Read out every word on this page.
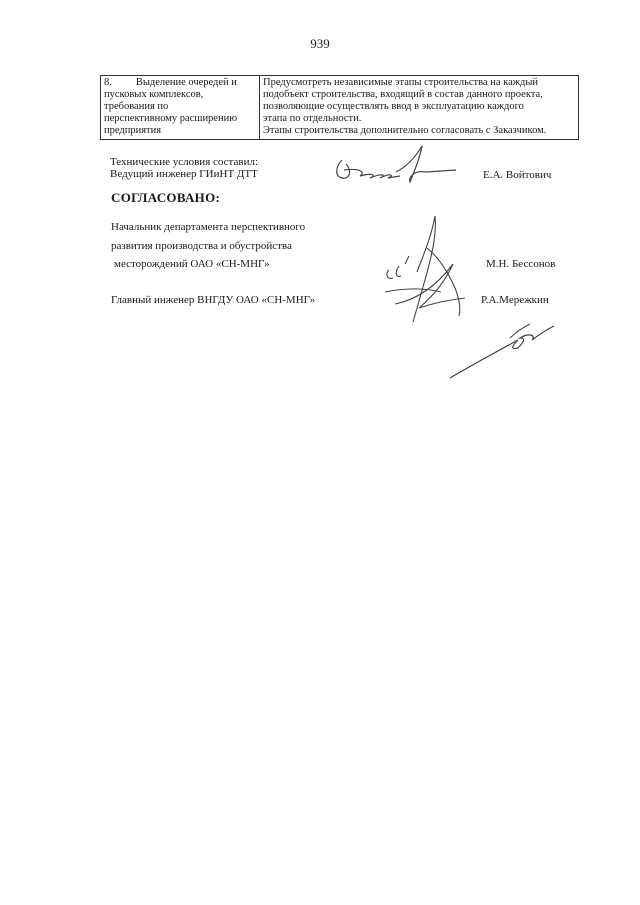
939
8. Выделение очередей и
пусковых комплексов,
требования по
перспективному расширению
предприятия

Предусмотреть независимые этапы строительства на каждый
подобъект строительства, входящий в состав данного проекта,
позволяющие осуществлять ввод в эксплуатацию каждого
этапа по отдельности.
Этапы строительства дополнительно согласовать с Заказчиком.
Технические условия составил:
Ведущий инженер ГИиНТ ДТТ	Е.А. Войтович
СОГЛАСОВАНО:
Начальник департамента перспективного
развития производства и обустройства
месторождений ОАО «СН-МНГ»	М.Н. Бессонов
Главный инженер ВНГДУ ОАО «СН-МНГ»	Р.А.Мережкин
